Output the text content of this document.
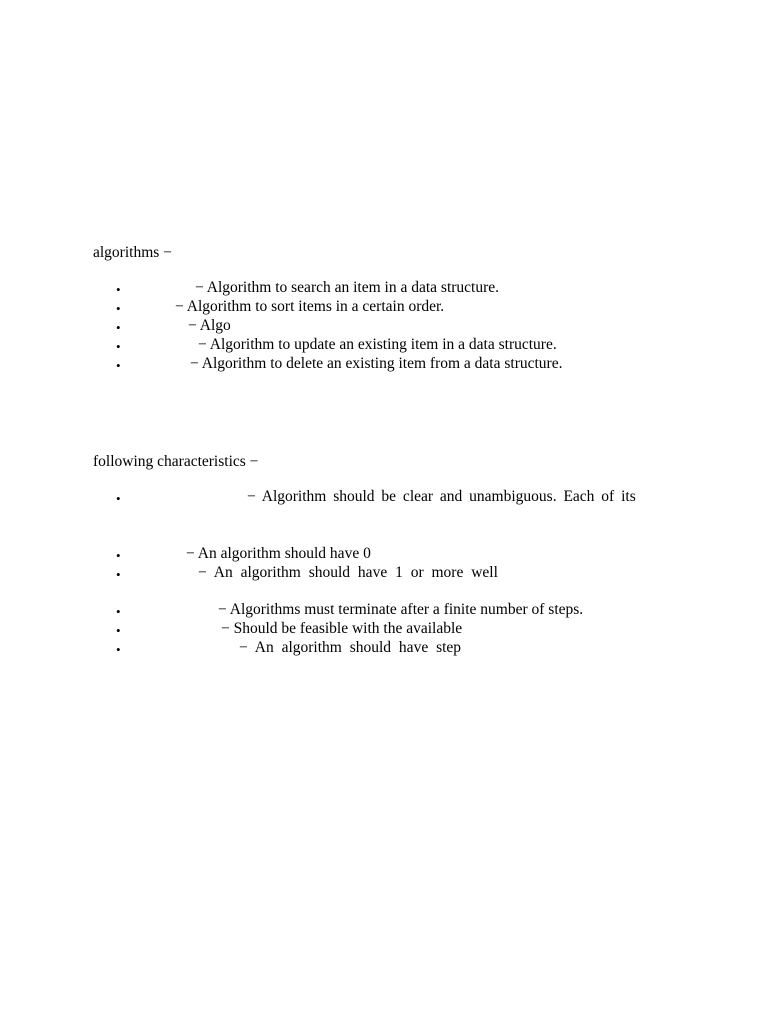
algorithms −
•	− Algorithm to search an item in a data structure.
•	− Algorithm to sort items in a certain order.
•	− Algo
•	− Algorithm to update an existing item in a data structure.
•	− Algorithm to delete an existing item from a data structure.
following characteristics −
•	− Algorithm should be clear and unambiguous. Each of its
•	− An algorithm should have 0
•	− An algorithm should have 1 or more well
•	− Algorithms must terminate after a finite number of steps.
•	− Should be feasible with the available
•	− An algorithm should have step
